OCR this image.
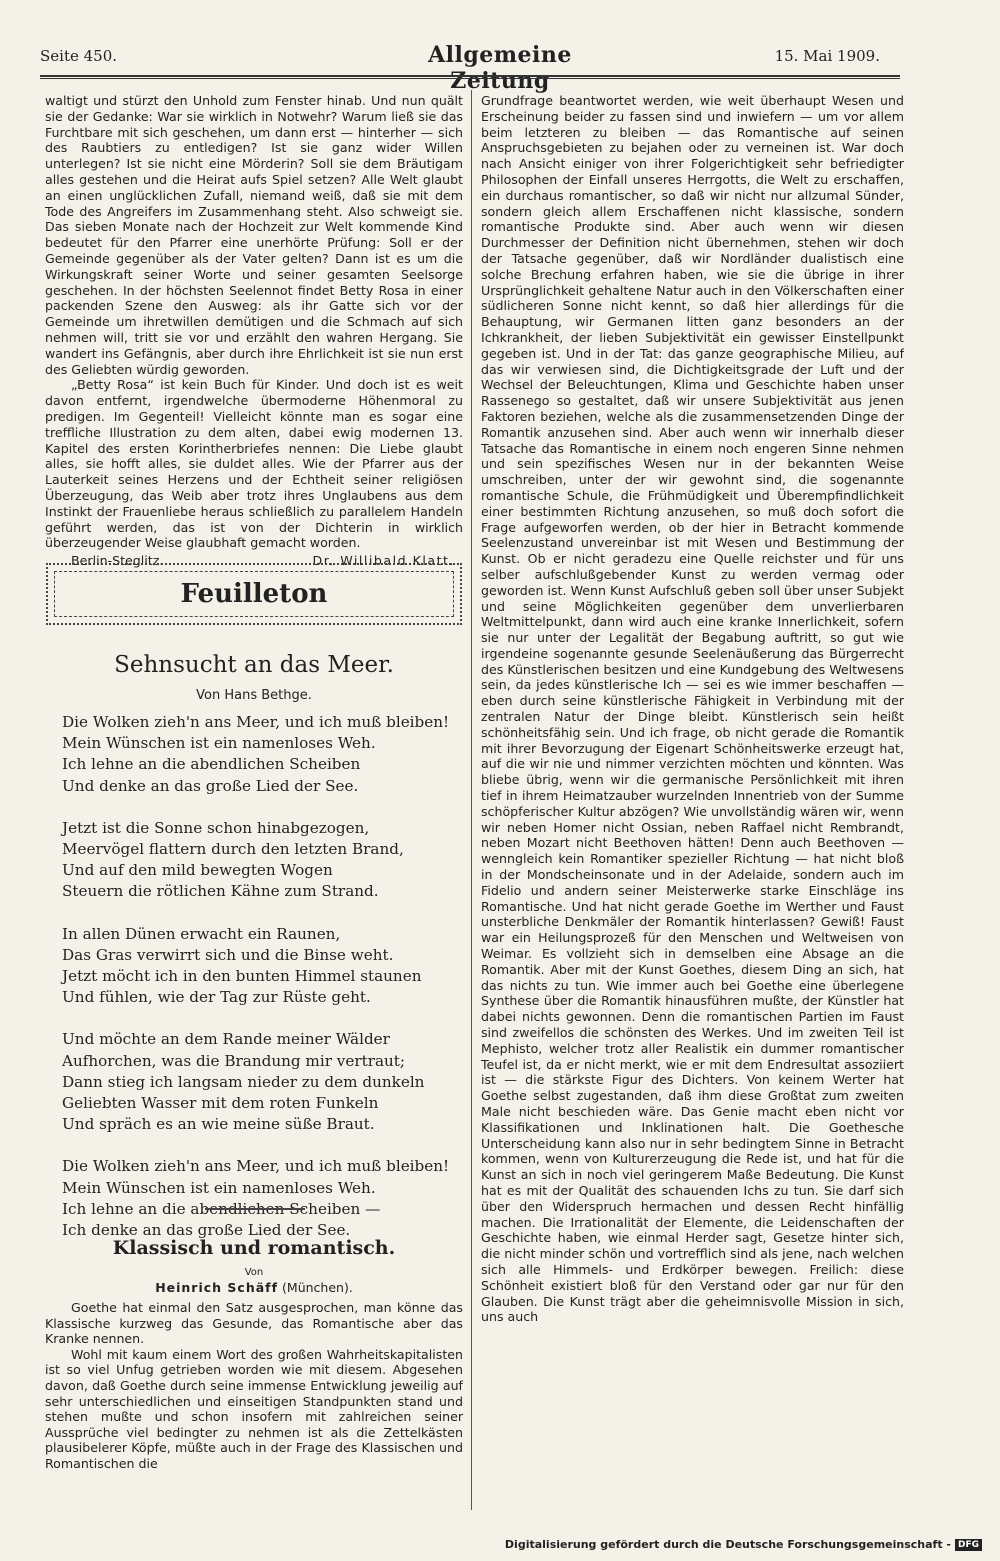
Seite 450.	Allgemeine Zeitung
15. Mai 1909.

waltigt und stürzt den Unhold zum Fenster hinab. Und nun quält sie der Gedanke: War sie wirklich in Notwehr? Warum ließ sie das Furchtbare mit sich geschehen, um dann erst — hinterher — sich des Raubtiers zu entledigen? Ist sie ganz wider Willen unterlegen? Ist sie nicht eine Mörderin? Soll sie dem Bräutigam alles gestehen und die Heirat aufs Spiel setzen? Alle Welt glaubt an einen unglücklichen Zufall, niemand weiß, daß sie mit dem Tode des Angreifers im Zusammenhang steht. Also schweigt sie. Das sieben Monate nach der Hochzeit zur Welt kommende Kind bedeutet für den Pfarrer eine unerhörte Prüfung: Soll er der Gemeinde gegenüber als der Vater gelten? Dann ist es um die Wirkungskraft seiner Worte und seiner gesamten Seelsorge geschehen. In der höchsten Seelennot findet Betty Rosa in einer packenden Szene den Ausweg: als ihr Gatte sich vor der Gemeinde um ihretwillen demütigen und die Schmach auf sich nehmen will, tritt sie vor und erzählt den wahren Hergang. Sie wandert ins Gefängnis, aber durch ihre Ehrlichkeit ist sie nun erst des Geliebten würdig geworden.

„Betty Rosa“ ist kein Buch für Kinder. Und doch ist es weit davon entfernt, irgendwelche übermoderne Höhenmoral zu predigen. Im Gegenteil! Vielleicht könnte man es sogar eine treffliche Illustration zu dem alten, dabei ewig modernen 13. Kapitel des ersten Korintherbriefes nennen: Die Liebe glaubt alles, sie hofft alles, sie duldet alles. Wie der Pfarrer aus der Lauterkeit seines Herzens und der Echtheit seiner religiösen Überzeugung, das Weib aber trotz ihres Unglaubens aus dem Instinkt der Frauenliebe heraus schließlich zu parallelem Handeln geführt werden, das ist von der Dichterin in wirklich überzeugender Weise glaubhaft gemacht worden.

Berlin-Steglitz.	Dr. Willibald Klatt.
Feuilleton
Sehnsucht an das Meer.
Von Hans Bethge.
Die Wolken zieh'n ans Meer, und ich muß bleiben!
Mein Wünschen ist ein namenloses Weh.
Ich lehne an die abendlichen Scheiben
Und denke an das große Lied der See.
Jetzt ist die Sonne schon hinabgezogen,
Meervögel flattern durch den letzten Brand,
Und auf den mild bewegten Wogen
Steuern die rötlichen Kähne zum Strand.
In allen Dünen erwacht ein Raunen,
Das Gras verwirrt sich und die Binse weht.
Jetzt möcht ich in den bunten Himmel staunen
Und fühlen, wie der Tag zur Rüste geht.
Und möchte an dem Rande meiner Wälder
Aufhorchen, was die Brandung mir vertraut;
Dann stieg ich langsam nieder zu dem dunkeln
Geliebten Wasser mit dem roten Funkeln
Und spräch es an wie meine süße Braut.
Die Wolken zieh'n ans Meer, und ich muß bleiben!
Mein Wünschen ist ein namenloses Weh.
Ich lehne an die abendlichen Scheiben —
Ich denke an das große Lied der See.
Klassisch und romantisch.
Von
Heinrich Schäff (München).

Goethe hat einmal den Satz ausgesprochen, man könne das Klassische kurzweg das Gesunde, das Romantische aber das Kranke nennen.

Wohl mit kaum einem Wort des großen Wahrheitskapitalisten ist so viel Unfug getrieben worden wie mit diesem. Abgesehen davon, daß Goethe durch seine immense Entwicklung jeweilig auf sehr unterschiedlichen und einseitigen Standpunkten stand und stehen mußte und schon insofern mit zahlreichen seiner Aussprüche viel bedingter zu nehmen ist als die Zettelkästen plausibelerer Köpfe, müßte auch in der Frage des Klassischen und Romantischen die

Grundfrage beantwortet werden, wie weit überhaupt Wesen und Erscheinung beider zu fassen sind und inwiefern — um vor allem beim letzteren zu bleiben — das Romantische auf seinen Anspruchsgebieten zu bejahen oder zu verneinen ist. War doch nach Ansicht einiger von ihrer Folgerichtigkeit sehr befriedigter Philosophen der Einfall unseres Herrgotts, die Welt zu erschaffen, ein durchaus romantischer, so daß wir nicht nur allzumal Sünder, sondern gleich allem Erschaffenen nicht klassische, sondern romantische Produkte sind. Aber auch wenn wir diesen Durchmesser der Definition nicht übernehmen, stehen wir doch der Tatsache gegenüber, daß wir Nordländer dualistisch eine solche Brechung erfahren haben, wie sie die übrige in ihrer Ursprünglichkeit gehaltene Natur auch in den Völkerschaften einer südlicheren Sonne nicht kennt, so daß hier allerdings für die Behauptung, wir Germanen litten ganz besonders an der Ichkrankheit, der lieben Subjektivität ein gewisser Einstellpunkt gegeben ist. Und in der Tat: das ganze geographische Milieu, auf das wir verwiesen sind, die Dichtigkeitsgrade der Luft und der Wechsel der Beleuchtungen, Klima und Geschichte haben unser Rassenego so gestaltet, daß wir unsere Subjektivität aus jenen Faktoren beziehen, welche als die zusammensetzenden Dinge der Romantik anzusehen sind. Aber auch wenn wir innerhalb dieser Tatsache das Romantische in einem noch engeren Sinne nehmen und sein spezifisches Wesen nur in der bekannten Weise umschreiben, unter der wir gewohnt sind, die sogenannte romantische Schule, die Frühmüdigkeit und Überempfindlichkeit einer bestimmten Richtung anzusehen, so muß doch sofort die Frage aufgeworfen werden, ob der hier in Betracht kommende Seelenzustand unvereinbar ist mit Wesen und Bestimmung der Kunst. Ob er nicht geradezu eine Quelle reichster und für uns selber aufschlußgebender Kunst zu werden vermag oder geworden ist. Wenn Kunst Aufschluß geben soll über unser Subjekt und seine Möglichkeiten gegenüber dem unverlierbaren Weltmittelpunkt, dann wird auch eine kranke Innerlichkeit, sofern sie nur unter der Legalität der Begabung auftritt, so gut wie irgendeine sogenannte gesunde Seelenäußerung das Bürgerrecht des Künstlerischen besitzen und eine Kundgebung des Weltwesens sein, da jedes künstlerische Ich — sei es wie immer beschaffen — eben durch seine künstlerische Fähigkeit in Verbindung mit der zentralen Natur der Dinge bleibt. Künstlerisch sein heißt schönheitsfähig sein. Und ich frage, ob nicht gerade die Romantik mit ihrer Bevorzugung der Eigenart Schönheitswerke erzeugt hat, auf die wir nie und nimmer verzichten möchten und könnten. Was bliebe übrig, wenn wir die germanische Persönlichkeit mit ihren tief in ihrem Heimatzauber wurzelnden Innentrieb von der Summe schöpferischer Kultur abzögen? Wie unvollständig wären wir, wenn wir neben Homer nicht Ossian, neben Raffael nicht Rembrandt, neben Mozart nicht Beethoven hätten! Denn auch Beethoven — wenngleich kein Romantiker spezieller Richtung — hat nicht bloß in der Mondscheinsonate und in der Adelaide, sondern auch im Fidelio und andern seiner Meisterwerke starke Einschläge ins Romantische. Und hat nicht gerade Goethe im Werther und Faust unsterbliche Denkmäler der Romantik hinterlassen? Gewiß! Faust war ein Heilungsprozeß für den Menschen und Weltweisen von Weimar. Es vollzieht sich in demselben eine Absage an die Romantik. Aber mit der Kunst Goethes, diesem Ding an sich, hat das nichts zu tun. Wie immer auch bei Goethe eine überlegene Synthese über die Romantik hinausführen mußte, der Künstler hat dabei nichts gewonnen. Denn die romantischen Partien im Faust sind zweifellos die schönsten des Werkes. Und im zweiten Teil ist Mephisto, welcher trotz aller Realistik ein dummer romantischer Teufel ist, da er nicht merkt, wie er mit dem Endresultat assoziiert ist — die stärkste Figur des Dichters. Von keinem Werter hat Goethe selbst zugestanden, daß ihm diese Großtat zum zweiten Male nicht beschieden wäre. Das Genie macht eben nicht vor Klassifikationen und Inklinationen halt. Die Goethesche Unterscheidung kann also nur in sehr bedingtem Sinne in Betracht kommen, wenn von Kulturerzeugung die Rede ist, und hat für die Kunst an sich in noch viel geringerem Maße Bedeutung. Die Kunst hat es mit der Qualität des schauenden Ichs zu tun. Sie darf sich über den Widerspruch hermachen und dessen Recht hinfällig machen. Die Irrationalität der Elemente, die Leidenschaften der Geschichte haben, wie einmal Herder sagt, Gesetze hinter sich, die nicht minder schön und vortrefflich sind als jene, nach welchen sich alle Himmels- und Erdkörper bewegen. Freilich: diese Schönheit existiert bloß für den Verstand oder gar nur für den Glauben. Die Kunst trägt aber die geheimnisvolle Mission in sich, uns auch

Digitalisierung gefördert durch die Deutsche Forschungsgemeinschaft - DFG
